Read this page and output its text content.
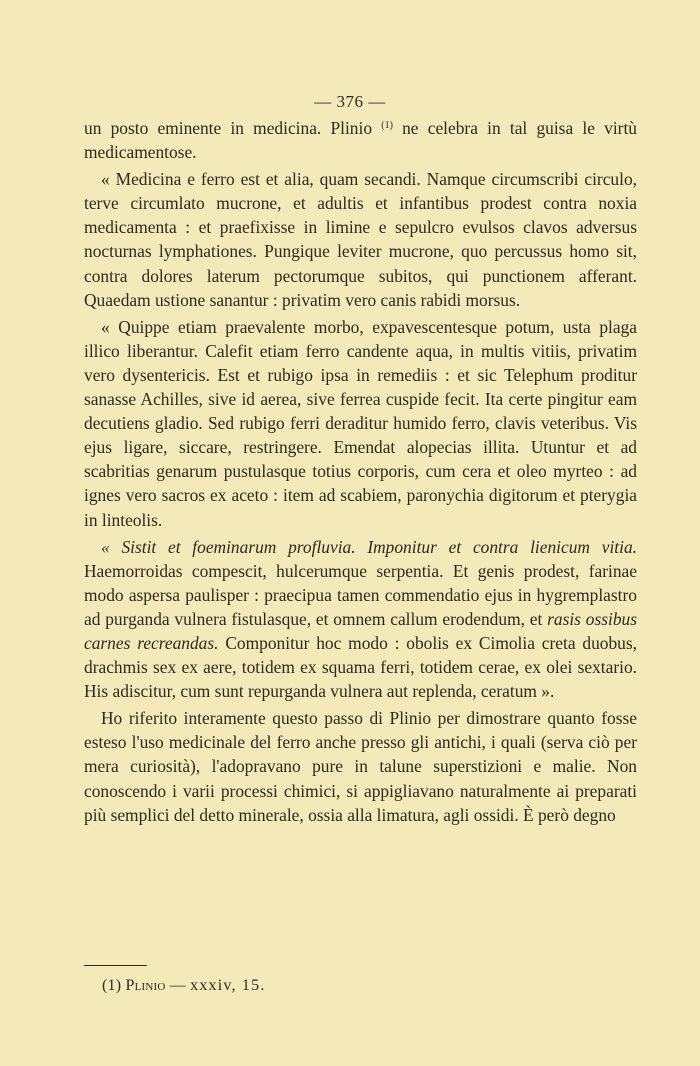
— 376 —

un posto eminente in medicina. Plinio $^{(1)}$ ne celebra in tal guisa le virtù medicamentose.

« Medicina e ferro est et alia, quam secandi. Namque circumscribi circulo, terve circumlato mucrone, et adultis et infantibus prodest contra noxia medicamenta : et praefixisse in limine e sepulcro evulsos clavos adversus nocturnas lymphationes. Pungique leviter mucrone, quo percussus homo sit, contra dolores laterum pectorumque subitos, qui punctionem afferant. Quaedam ustione sanantur : privatim vero canis rabidi morsus.

« Quippe etiam praevalente morbo, expavescentesque potum, usta plaga illico liberantur. Calefit etiam ferro candente aqua, in multis vitiis, privatim vero dysentericis. Est et rubigo ipsa in remediis : et sic Telephum proditur sanasse Achilles, sive id aerea, sive ferrea cuspide fecit. Ita certe pingitur eam decutiens gladio. Sed rubigo ferri deraditur humido ferro, clavis veteribus. Vis ejus ligare, siccare, restringere. Emendat alopecias illita. Utuntur et ad scabritias genarum pustulasque totius corporis, cum cera et oleo myrteo : ad ignes vero sacros ex aceto : item ad scabiem, paronychia digitorum et pterygia in linteolis.

« Sistit et foeminarum profluvia. Imponitur et contra lienicum vitia. Haemorroidas compescit, hulcerumque serpentia. Et genis prodest, farinae modo aspersa paulisper : praecipua tamen commendatio ejus in hygremplastro ad purganda vulnera fistulasque, et omnem callum erodendum, et rasis ossibus carnes recreandas. Componitur hoc modo : obolis ex Cimolia creta duobus, drachmis sex ex aere, totidem ex squama ferri, totidem cerae, ex olei sextario. His adiscitur, cum sunt repurganda vulnera aut replenda, ceratum ».

Ho riferito interamente questo passo di Plinio per dimostrare quanto fosse esteso l'uso medicinale del ferro anche presso gli antichi, i quali (serva ciò per mera curiosità), l'adopravano pure in talune superstizioni e malie. Non conoscendo i varii processi chimici, si appigliavano naturalmente ai preparati più semplici del detto minerale, ossia alla limatura, agli ossidi. È però degno

(1) Plinio — xxxiv, 15.
